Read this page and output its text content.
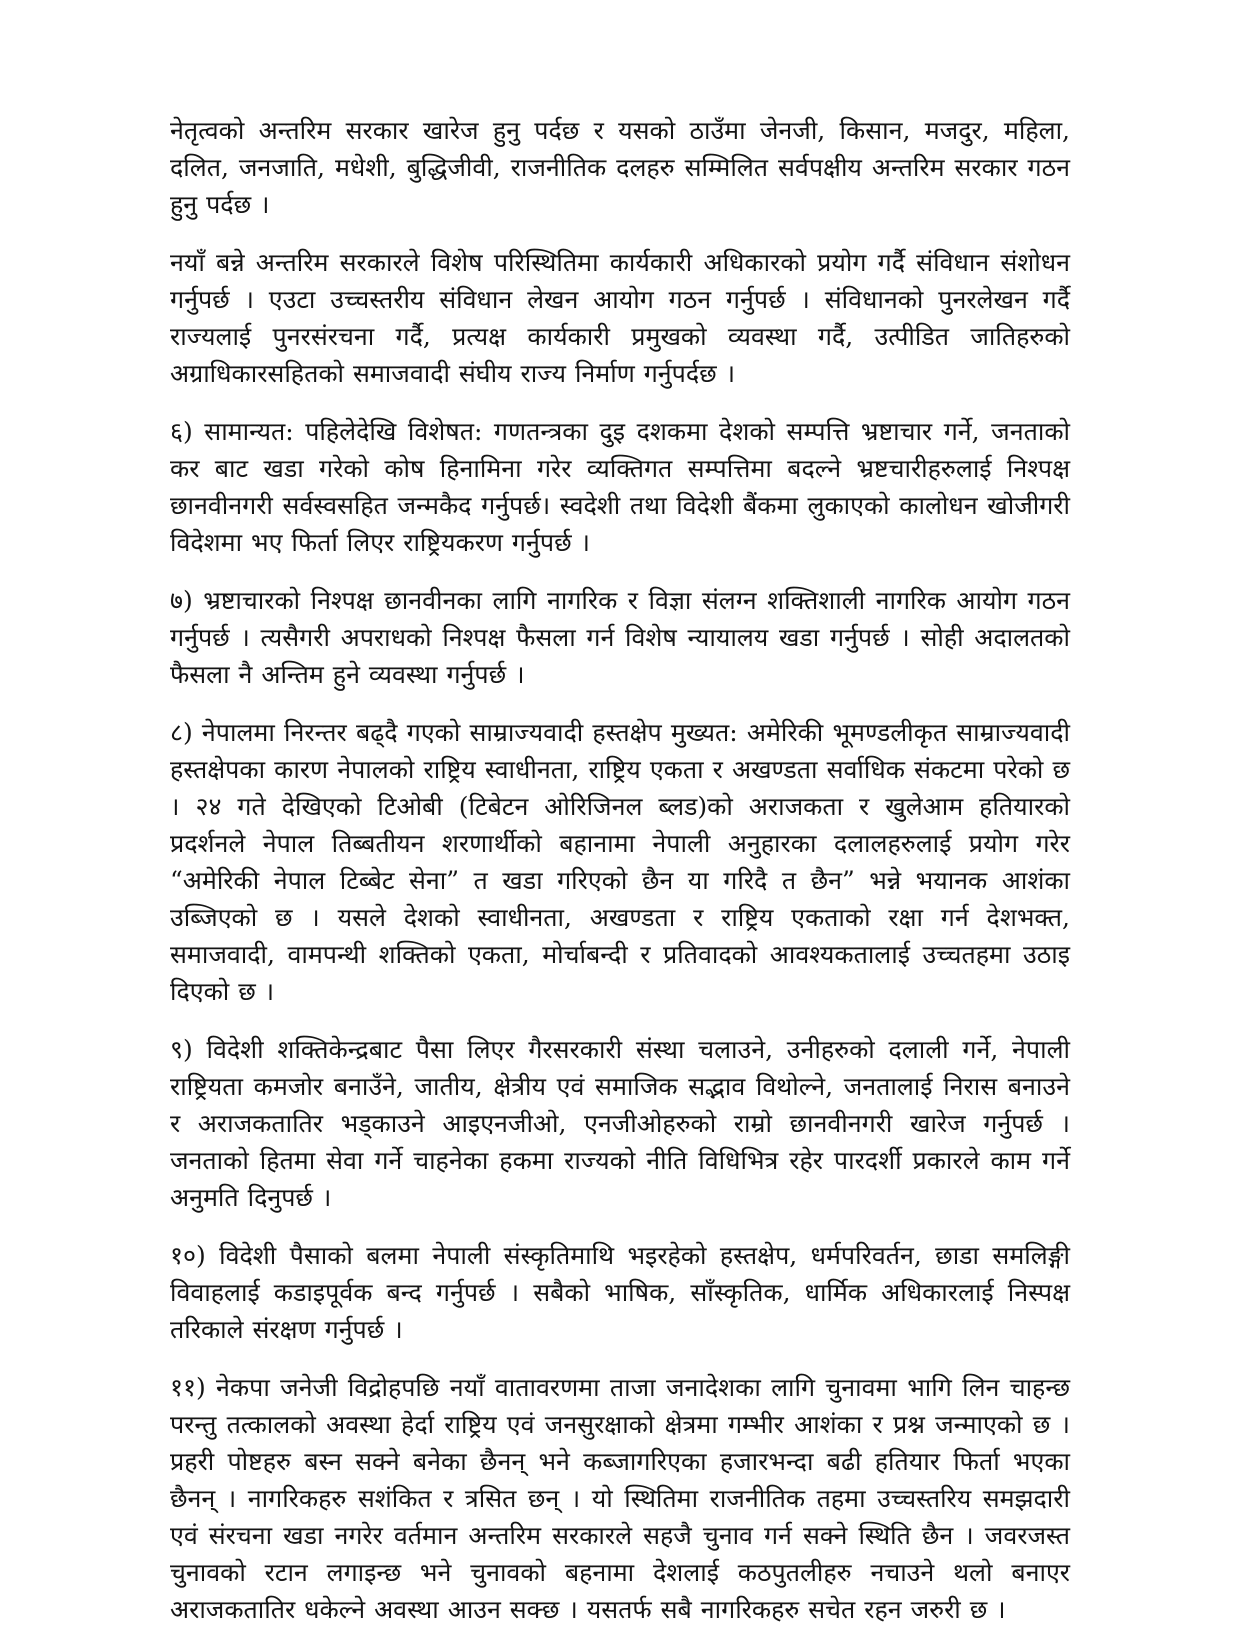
नेतृत्वको अन्तरिम सरकार खारेज हुनु पर्दछ र यसको ठाउँमा जेनजी, किसान, मजदुर, महिला, दलित, जनजाति, मधेशी, बुद्धिजीवी, राजनीतिक दलहरु सम्मिलित सर्वपक्षीय अन्तरिम सरकार गठन हुनु पर्दछ ।

नयाँ बन्ने अन्तरिम सरकारले विशेष परिस्थितिमा कार्यकारी अधिकारको प्रयोग गर्दै संविधान संशोधन गर्नुपर्छ । एउटा उच्चस्तरीय संविधान लेखन आयोग गठन गर्नुपर्छ । संविधानको पुनरलेखन गर्दै राज्यलाई पुनरसंरचना गर्दै, प्रत्यक्ष कार्यकारी प्रमुखको व्यवस्था गर्दै, उत्पीडित जातिहरुको अग्राधिकारसहितको समाजवादी संघीय राज्य निर्माण गर्नुपर्दछ ।

६) सामान्यत: पहिलेदेखि विशेषत: गणतन्त्रका दुइ दशकमा देशको सम्पत्ति भ्रष्टाचार गर्ने, जनताको कर बाट खडा गरेको कोष हिनामिना गरेर व्यक्तिगत सम्पत्तिमा बदल्ने भ्रष्टचारीहरुलाई निश्पक्ष छानवीनगरी सर्वस्वसहित जन्मकैद गर्नुपर्छ। स्वदेशी तथा विदेशी बैंकमा लुकाएको कालोधन खोजीगरी विदेशमा भए फिर्ता लिएर राष्ट्रियकरण गर्नुपर्छ ।

७) भ्रष्टाचारको निश्पक्ष छानवीनका लागि नागरिक र विज्ञा संलग्न शक्तिशाली नागरिक आयोग गठन गर्नुपर्छ । त्यसैगरी अपराधको निश्पक्ष फैसला गर्न विशेष न्यायालय खडा गर्नुपर्छ । सोही अदालतको फैसला नै अन्तिम हुने व्यवस्था गर्नुपर्छ ।

८) नेपालमा निरन्तर बढ्दै गएको साम्राज्यवादी हस्तक्षेप मुख्यत: अमेरिकी भूमण्डलीकृत साम्राज्यवादी हस्तक्षेपका कारण नेपालको राष्ट्रिय स्वाधीनता, राष्ट्रिय एकता र अखण्डता सर्वाधिक संकटमा परेको छ । २४ गते देखिएको टिओबी (टिबेटन ओरिजिनल ब्लड)को अराजकता र खुलेआम हतियारको प्रदर्शनले नेपाल तिब्बतीयन शरणार्थीको बहानामा नेपाली अनुहारका दलालहरुलाई प्रयोग गरेर “अमेरिकी नेपाल टिब्बेट सेना” त खडा गरिएको छैन या गरिदै त छैन” भन्ने भयानक आशंका उब्जिएको छ । यसले देशको स्वाधीनता, अखण्डता र राष्ट्रिय एकताको रक्षा गर्न देशभक्त, समाजवादी, वामपन्थी शक्तिको एकता, मोर्चाबन्दी र प्रतिवादको आवश्यकतालाई उच्चतहमा उठाइ दिएको छ ।

९) विदेशी शक्तिकेन्द्रबाट पैसा लिएर गैरसरकारी संस्था चलाउने, उनीहरुको दलाली गर्ने, नेपाली राष्ट्रियता कमजोर बनाउँने, जातीय, क्षेत्रीय एवं समाजिक सद्भाव विथोल्ने, जनतालाई निरास बनाउने र अराजकतातिर भड्काउने आइएनजीओ, एनजीओहरुको राम्रो छानवीनगरी खारेज गर्नुपर्छ । जनताको हितमा सेवा गर्ने चाहनेका हकमा राज्यको नीति विधिभित्र रहेर पारदर्शी प्रकारले काम गर्ने अनुमति दिनुपर्छ ।

१०) विदेशी पैसाको बलमा नेपाली संस्कृतिमाथि भइरहेको हस्तक्षेप, धर्मपरिवर्तन, छाडा समलिङ्गी विवाहलाई कडाइपूर्वक बन्द गर्नुपर्छ । सबैको भाषिक, साँस्कृतिक, धार्मिक अधिकारलाई निस्पक्ष तरिकाले संरक्षण गर्नुपर्छ ।

११) नेकपा जनेजी विद्रोहपछि नयाँ वातावरणमा ताजा जनादेशका लागि चुनावमा भागि लिन चाहन्छ परन्तु तत्कालको अवस्था हेर्दा राष्ट्रिय एवं जनसुरक्षाको क्षेत्रमा गम्भीर आशंका र प्रश्न जन्माएको छ । प्रहरी पोष्टहरु बस्न सक्ने बनेका छैनन् भने कब्जागरिएका हजारभन्दा बढी हतियार फिर्ता भएका छैनन् । नागरिकहरु सशंकित र त्रसित छन् । यो स्थितिमा राजनीतिक तहमा उच्चस्तरिय समझदारी एवं संरचना खडा नगरेर वर्तमान अन्तरिम सरकारले सहजै चुनाव गर्न सक्ने स्थिति छैन । जवरजस्त चुनावको रटान लगाइन्छ भने चुनावको बहनामा देशलाई कठपुतलीहरु नचाउने थलो बनाएर अराजकतातिर धकेल्ने अवस्था आउन सक्छ । यसतर्फ सबै नागरिकहरु सचेत रहन जरुरी छ ।
